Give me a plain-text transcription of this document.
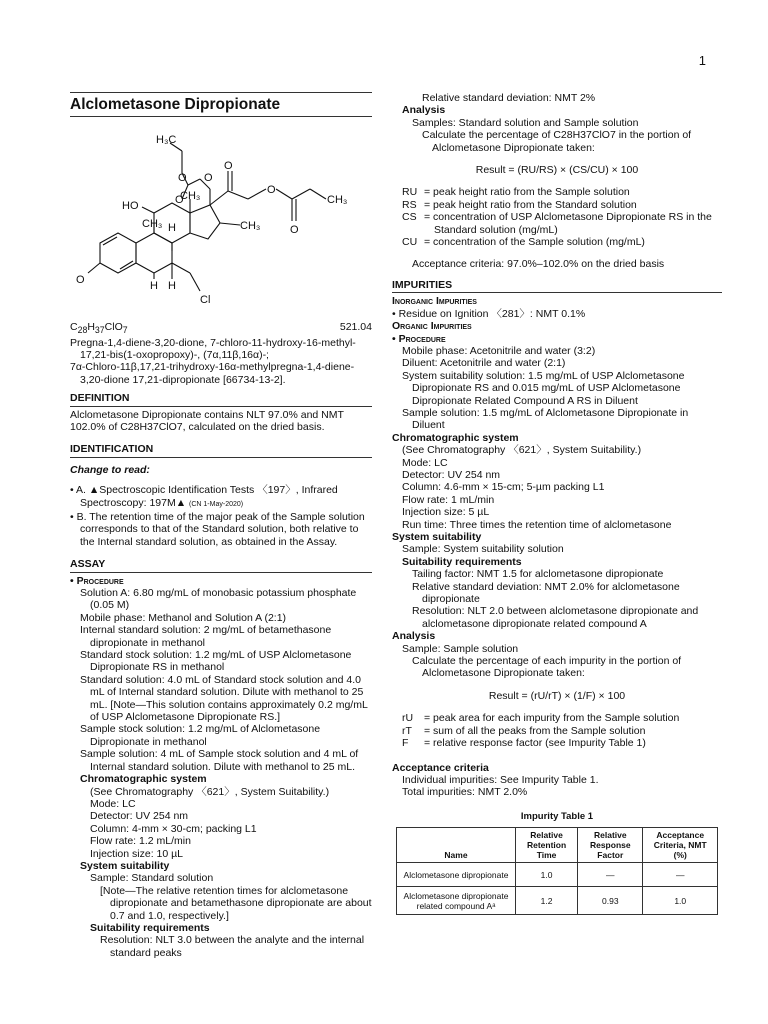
1
Alclometasone Dipropionate
H₃C
O
O O
CH₃
O
O
O
CH₃
HO
CH₃ H	CH₃
H H
O
Cl
$C_{28}H_{37}ClO_7$	521.04

Pregna-1,4-diene-3,20-dione, 7-chloro-11-hydroxy-16-methyl-17,21-bis(1-oxopropoxy)-, (7α,11β,16α)-;

7α-Chloro-11β,17,21-trihydroxy-16α-methylpregna-1,4-diene-3,20-dione 17,21-dipropionate [66734-13-2].

DEFINITION

Alclometasone Dipropionate contains NLT 97.0% and NMT 102.0% of C28H37ClO7, calculated on the dried basis.

IDENTIFICATION

Change to read:

• A. ▲Spectroscopic Identification Tests 〈197〉, Infrared Spectroscopy: 197M▲ (CN 1-May-2020)

• B. The retention time of the major peak of the Sample solution corresponds to that of the Standard solution, both relative to the Internal standard solution, as obtained in the Assay.

ASSAY

• Procedure

Solution A: 6.80 mg/mL of monobasic potassium phosphate (0.05 M)

Mobile phase: Methanol and Solution A (2:1)

Internal standard solution: 2 mg/mL of betamethasone dipropionate in methanol

Standard stock solution: 1.2 mg/mL of USP Alclometasone Dipropionate RS in methanol

Standard solution: 4.0 mL of Standard stock solution and 4.0 mL of Internal standard solution. Dilute with methanol to 25 mL. [Note—This solution contains approximately 0.2 mg/mL of USP Alclometasone Dipropionate RS.]

Sample stock solution: 1.2 mg/mL of Alclometasone Dipropionate in methanol

Sample solution: 4 mL of Sample stock solution and 4 mL of Internal standard solution. Dilute with methanol to 25 mL.

Chromatographic system

(See Chromatography 〈621〉, System Suitability.)

Mode: LC

Detector: UV 254 nm

Column: 4-mm × 30-cm; packing L1

Flow rate: 1.2 mL/min

Injection size: 10 µL

System suitability

Sample: Standard solution

[Note—The relative retention times for alclometasone dipropionate and betamethasone dipropionate are about 0.7 and 1.0, respectively.]

Suitability requirements

Resolution: NLT 3.0 between the analyte and the internal standard peaks

Relative standard deviation: NMT 2%

Analysis

Samples: Standard solution and Sample solution

Calculate the percentage of C28H37ClO7 in the portion of Alclometasone Dipropionate taken:

Result = (RU/RS) × (CS/CU) × 100
RU = peak height ratio from the Sample solution
RS = peak height ratio from the Standard solution
CS = concentration of USP Alclometasone Dipropionate RS in the Standard solution (mg/mL)
CU = concentration of the Sample solution (mg/mL)

Acceptance criteria: 97.0%–102.0% on the dried basis

IMPURITIES

Inorganic Impurities

• Residue on Ignition 〈281〉: NMT 0.1%

Organic Impurities

• Procedure

Mobile phase: Acetonitrile and water (3:2)

Diluent: Acetonitrile and water (2:1)

System suitability solution: 1.5 mg/mL of USP Alclometasone Dipropionate RS and 0.015 mg/mL of USP Alclometasone Dipropionate Related Compound A RS in Diluent

Sample solution: 1.5 mg/mL of Alclometasone Dipropionate in Diluent

Chromatographic system

(See Chromatography 〈621〉, System Suitability.)

Mode: LC

Detector: UV 254 nm

Column: 4.6-mm × 15-cm; 5-µm packing L1

Flow rate: 1 mL/min

Injection size: 5 µL

Run time: Three times the retention time of alclometasone

System suitability

Sample: System suitability solution

Suitability requirements

Tailing factor: NMT 1.5 for alclometasone dipropionate

Relative standard deviation: NMT 2.0% for alclometasone dipropionate

Resolution: NLT 2.0 between alclometasone dipropionate and alclometasone dipropionate related compound A

Analysis

Sample: Sample solution

Calculate the percentage of each impurity in the portion of Alclometasone Dipropionate taken:

Result = (rU/rT) × (1/F) × 100
rU	= peak area for each impurity from the Sample solution
rT	= sum of all the peaks from the Sample solution
F	= relative response factor (see Impurity Table 1)

Acceptance criteria

Individual impurities: See Impurity Table 1.

Total impurities: NMT 2.0%

Impurity Table 1
Name	Relative Retention Time	Relative Response Factor	Acceptance Criteria, NMT (%)
Alclometasone dipropionate	1.0	—	—
Alclometasone dipropionate related compound Aᵃ	1.2	0.93	1.0
